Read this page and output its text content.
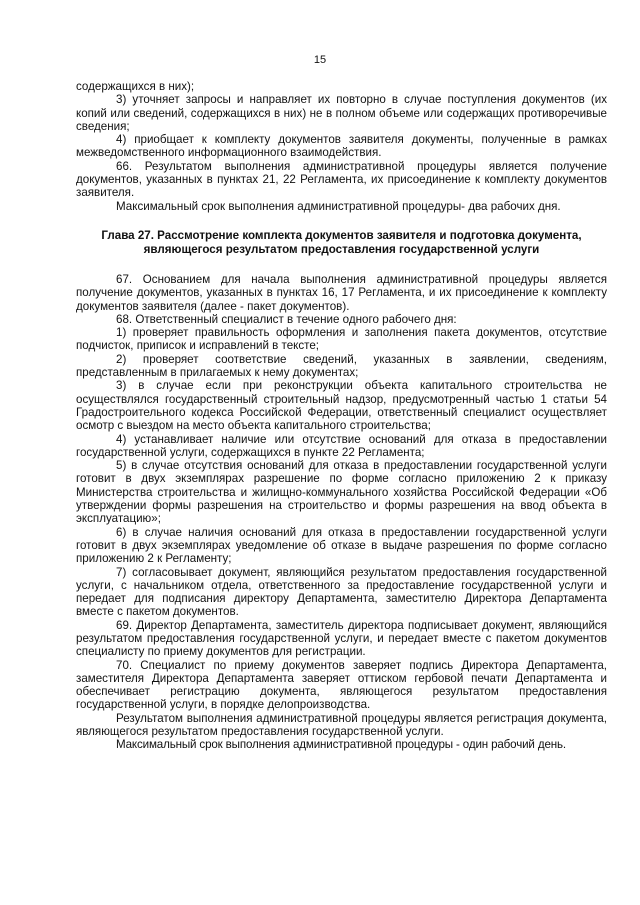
15

содержащихся в них);

3) уточняет запросы и направляет их повторно в случае поступления документов (их копий или сведений, содержащихся в них) не в полном объеме или содержащих противоречивые сведения;

4) приобщает к комплекту документов заявителя документы, полученные в рамках межведомственного информационного взаимодействия.

66. Результатом выполнения административной процедуры является получение документов, указанных в пунктах 21, 22 Регламента, их присоединение к комплекту документов заявителя.

Максимальный срок выполнения административной процедуры- два рабочих дня.

Глава 27. Рассмотрение комплекта документов заявителя и подготовка документа, являющегося результатом предоставления государственной услуги

67. Основанием для начала выполнения административной процедуры является получение документов, указанных в пунктах 16, 17 Регламента, и их присоединение к комплекту документов заявителя (далее - пакет документов).

68. Ответственный специалист в течение одного рабочего дня:

1) проверяет правильность оформления и заполнения пакета документов, отсутствие подчисток, приписок и исправлений в тексте;

2) проверяет соответствие сведений, указанных в заявлении, сведениям, представленным в прилагаемых к нему документах;

3) в случае если при реконструкции объекта капитального строительства не осуществлялся государственный строительный надзор, предусмотренный частью 1 статьи 54 Градостроительного кодекса Российской Федерации, ответственный специалист осуществляет осмотр с выездом на место объекта капитального строительства;

4) устанавливает наличие или отсутствие оснований для отказа в предоставлении государственной услуги, содержащихся в пункте 22 Регламента;

5) в случае отсутствия оснований для отказа в предоставлении государственной услуги готовит в двух экземплярах разрешение по форме согласно приложению 2 к приказу Министерства строительства и жилищно-коммунального хозяйства Российской Федерации «Об утверждении формы разрешения на строительство и формы разрешения на ввод объекта в эксплуатацию»;

6) в случае наличия оснований для отказа в предоставлении государственной услуги готовит в двух экземплярах уведомление об отказе в выдаче разрешения по форме согласно приложению 2 к Регламенту;

7) согласовывает документ, являющийся результатом предоставления государственной услуги, с начальником отдела, ответственного за предоставление государственной услуги и передает для подписания директору Департамента, заместителю Директора Департамента вместе с пакетом документов.

69. Директор Департамента, заместитель директора подписывает документ, являющийся результатом предоставления государственной услуги, и передает вместе с пакетом документов специалисту по приему документов для регистрации.

70. Специалист по приему документов заверяет подпись Директора Департамента, заместителя Директора Департамента заверяет оттиском гербовой печати Департамента и обеспечивает регистрацию документа, являющегося результатом предоставления государственной услуги, в порядке делопроизводства.

Результатом выполнения административной процедуры является регистрация документа, являющегося результатом предоставления государственной услуги.

Максимальный срок выполнения административной процедуры - один рабочий день.
